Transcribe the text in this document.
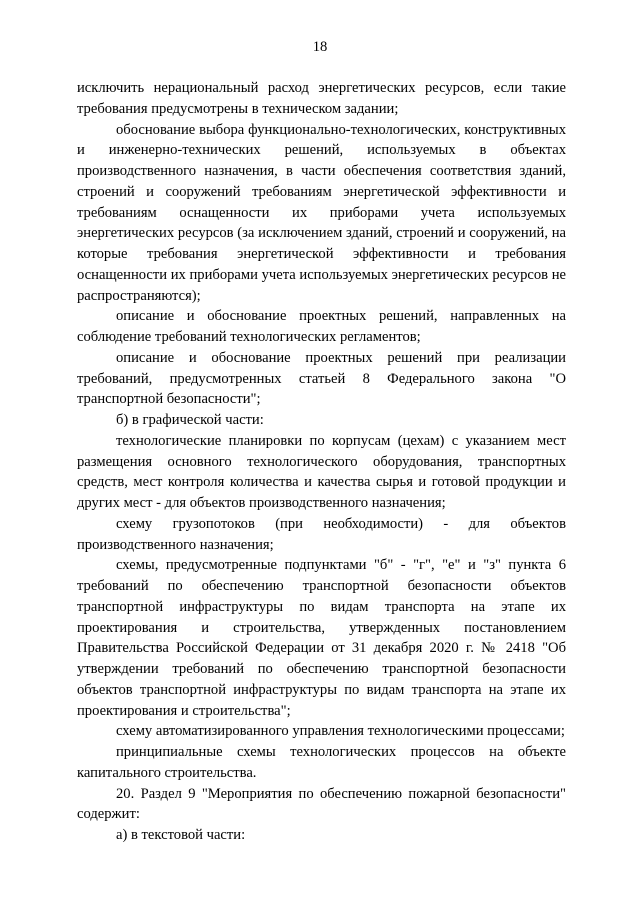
18

исключить нерациональный расход энергетических ресурсов, если такие требования предусмотрены в техническом задании;

обоснование выбора функционально-технологических, конструктивных и инженерно-технических решений, используемых в объектах производственного назначения, в части обеспечения соответствия зданий, строений и сооружений требованиям энергетической эффективности и требованиям оснащенности их приборами учета используемых энергетических ресурсов (за исключением зданий, строений и сооружений, на которые требования энергетической эффективности и требования оснащенности их приборами учета используемых энергетических ресурсов не распространяются);

описание и обоснование проектных решений, направленных на соблюдение требований технологических регламентов;

описание и обоснование проектных решений при реализации требований, предусмотренных статьей 8 Федерального закона "О транспортной безопасности";

б) в графической части:

технологические планировки по корпусам (цехам) с указанием мест размещения основного технологического оборудования, транспортных средств, мест контроля количества и качества сырья и готовой продукции и других мест - для объектов производственного назначения;

схему грузопотоков (при необходимости) - для объектов производственного назначения;

схемы, предусмотренные подпунктами "б" - "г", "е" и "з" пункта 6 требований по обеспечению транспортной безопасности объектов транспортной инфраструктуры по видам транспорта на этапе их проектирования и строительства, утвержденных постановлением Правительства Российской Федерации от 31 декабря 2020 г. № 2418 "Об утверждении требований по обеспечению транспортной безопасности объектов транспортной инфраструктуры по видам транспорта на этапе их проектирования и строительства";

схему автоматизированного управления технологическими процессами;

принципиальные схемы технологических процессов на объекте капитального строительства.

20. Раздел 9 "Мероприятия по обеспечению пожарной безопасности" содержит:

а) в текстовой части:
